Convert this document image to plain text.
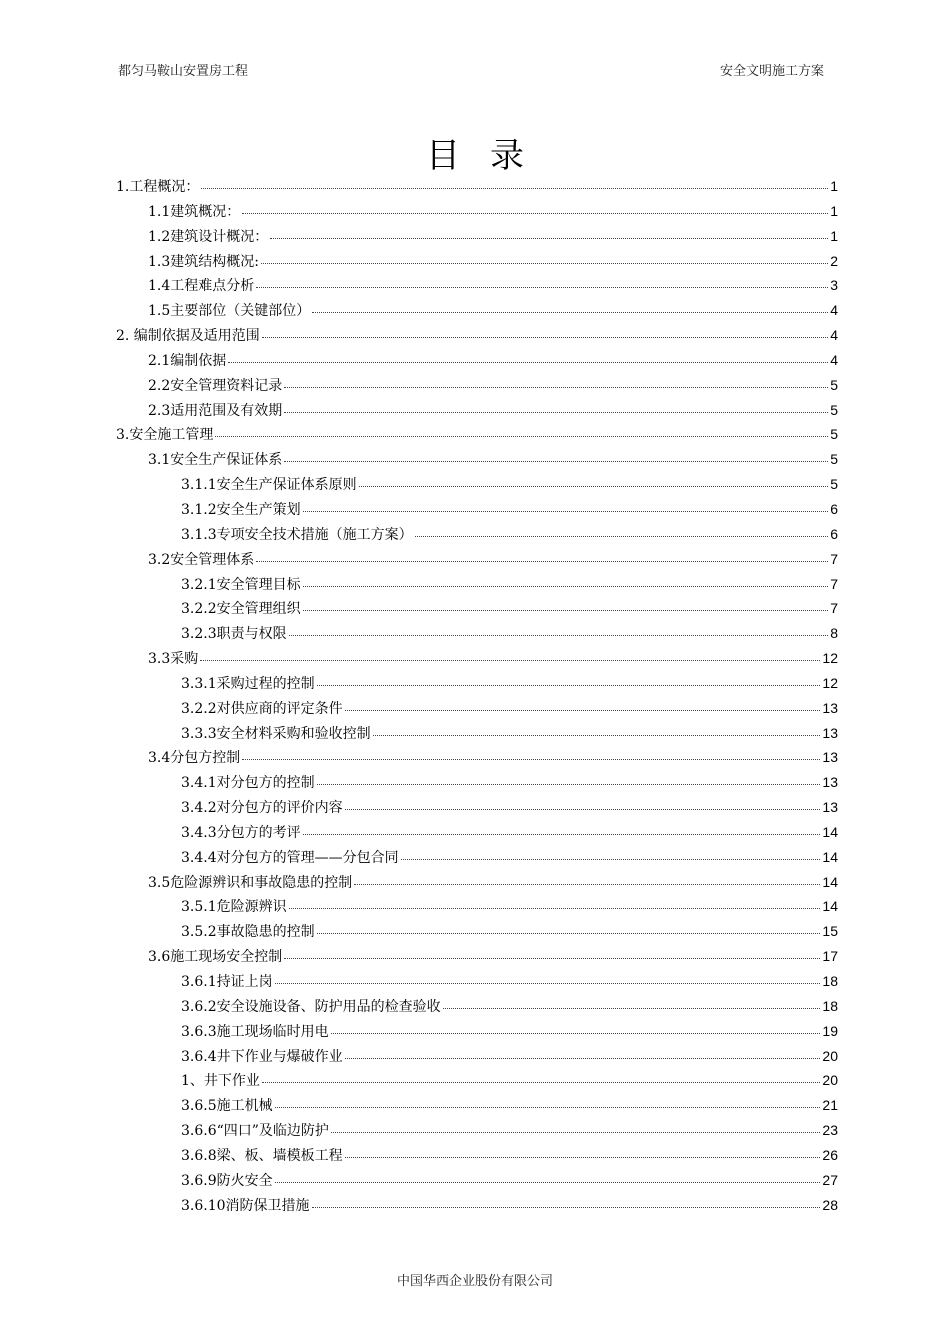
都匀马鞍山安置房工程	安全文明施工方案
目录
1.工程概况：	1
1.1建筑概况：	1
1.2建筑设计概况：	1
1.3建筑结构概况:	2
1.4工程难点分析	3
1.5主要部位（关键部位）	4
2. 编制依据及适用范围	4
2.1编制依据	4
2.2安全管理资料记录	5
2.3适用范围及有效期	5
3.安全施工管理	5
3.1安全生产保证体系	5
3.1.1安全生产保证体系原则	5
3.1.2安全生产策划	6
3.1.3专项安全技术措施（施工方案）	6
3.2安全管理体系	7
3.2.1安全管理目标	7
3.2.2安全管理组织	7
3.2.3职责与权限	8
3.3采购	12
3.3.1采购过程的控制	12
3.2.2对供应商的评定条件	13
3.3.3安全材料采购和验收控制	13
3.4分包方控制	13
3.4.1对分包方的控制	13
3.4.2对分包方的评价内容	13
3.4.3分包方的考评	14
3.4.4对分包方的管理——分包合同	14
3.5危险源辨识和事故隐患的控制	14
3.5.1危险源辨识	14
3.5.2事故隐患的控制	15
3.6施工现场安全控制	17
3.6.1持证上岗	18
3.6.2安全设施设备、防护用品的检查验收	18
3.6.3施工现场临时用电	19
3.6.4井下作业与爆破作业	20
1、井下作业	20
3.6.5施工机械	21
3.6.6“四口”及临边防护	23
3.6.8梁、板、墙模板工程	26
3.6.9防火安全	27
3.6.10消防保卫措施	28
中国华西企业股份有限公司
